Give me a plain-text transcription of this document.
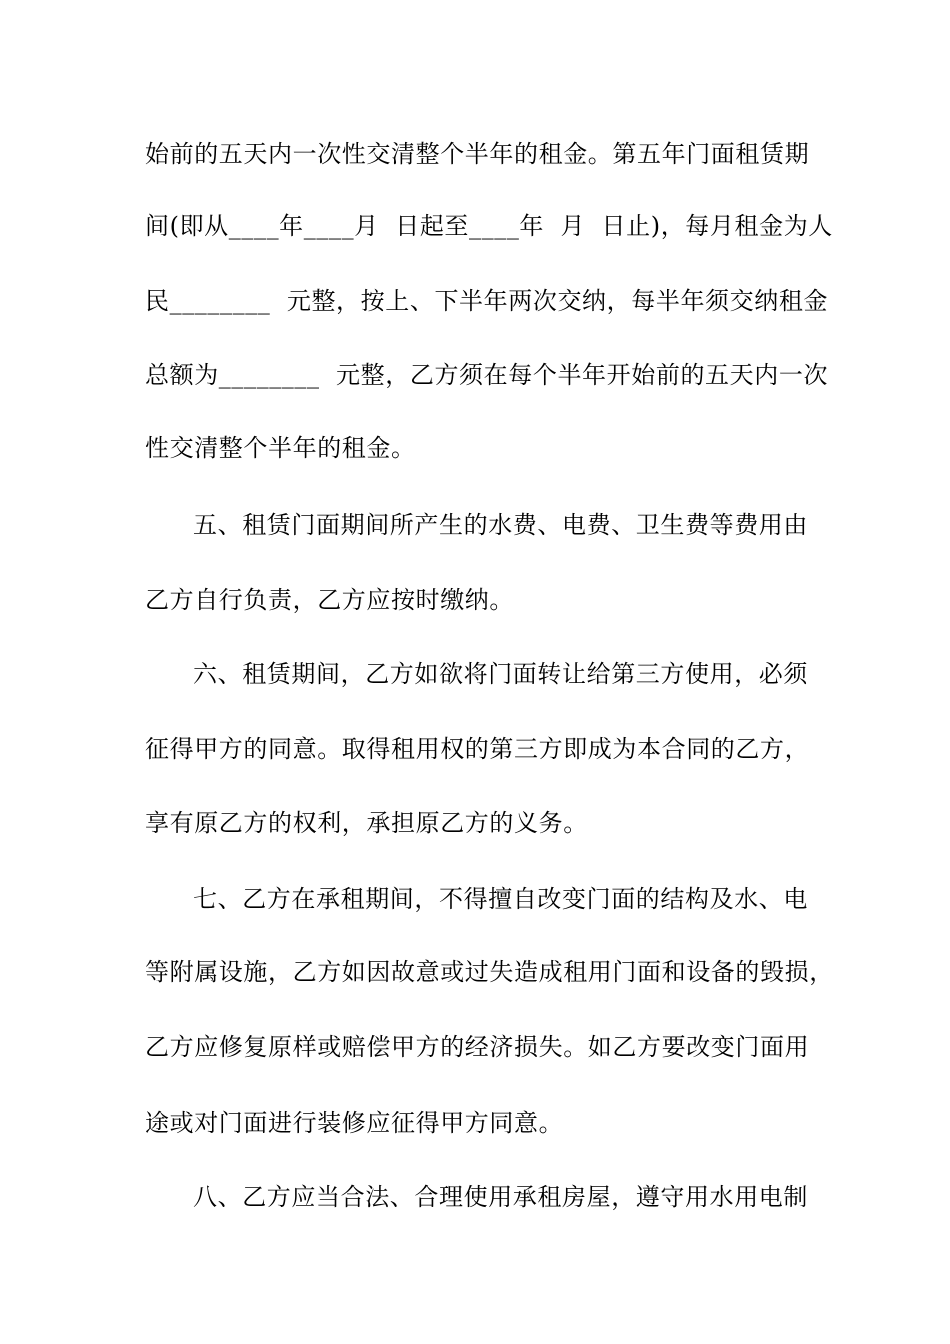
始前的五天内一次性交清整个半年的租金。第五年门面租赁期
间(即从____年____月  日起至____年  月  日止)，每月租金为人
民________  元整，按上、下半年两次交纳，每半年须交纳租金
总额为________  元整，乙方须在每个半年开始前的五天内一次
性交清整个半年的租金。
五、租赁门面期间所产生的水费、电费、卫生费等费用由
乙方自行负责，乙方应按时缴纳。
六、租赁期间，乙方如欲将门面转让给第三方使用，必须
征得甲方的同意。取得租用权的第三方即成为本合同的乙方，
享有原乙方的权利，承担原乙方的义务。
七、乙方在承租期间，不得擅自改变门面的结构及水、电
等附属设施，乙方如因故意或过失造成租用门面和设备的毁损，
乙方应修复原样或赔偿甲方的经济损失。如乙方要改变门面用
途或对门面进行装修应征得甲方同意。
八、乙方应当合法、合理使用承租房屋，遵守用水用电制
